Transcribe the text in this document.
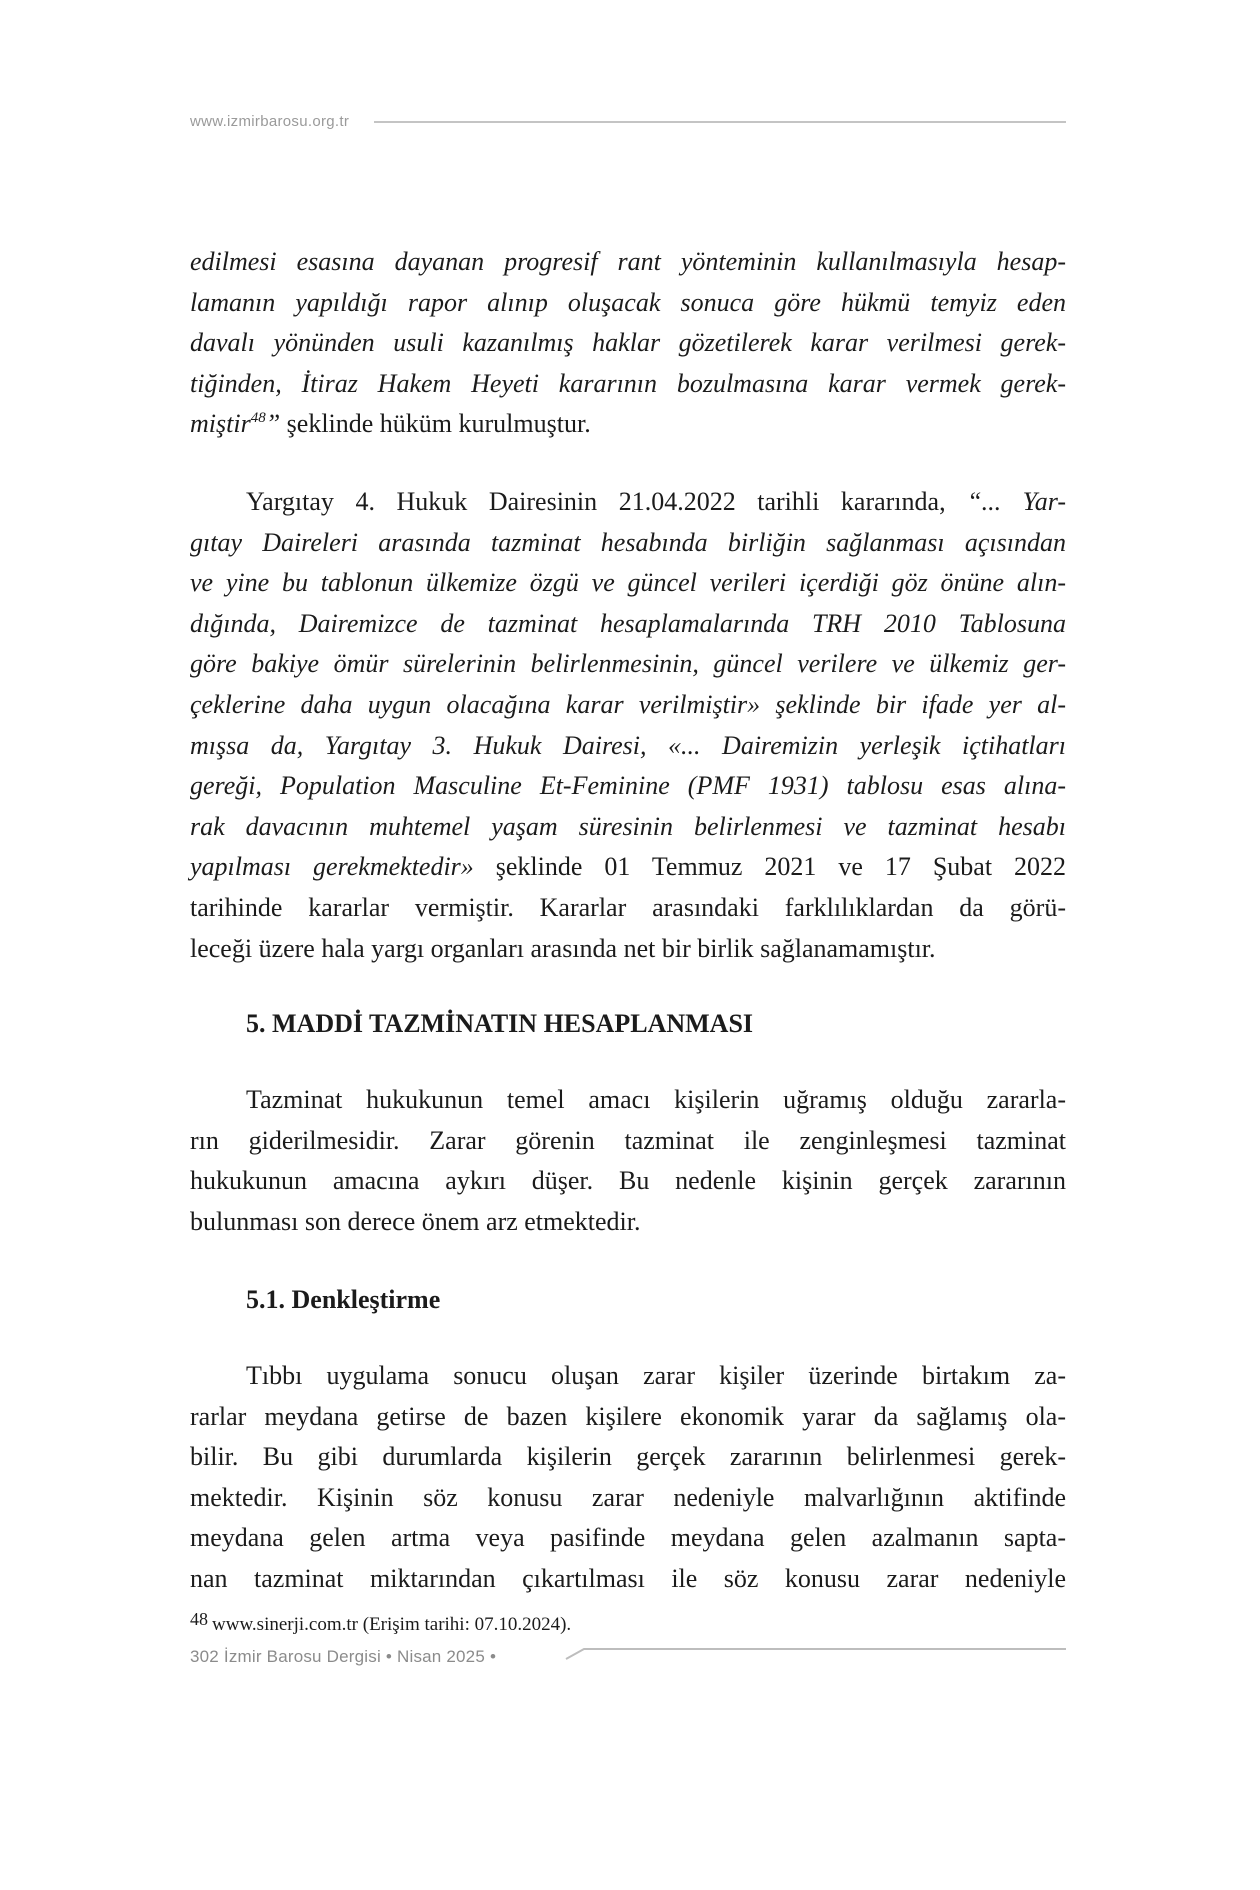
www.izmirbarosu.org.tr
edilmesi esasına dayanan progresif rant yönteminin kullanılmasıyla hesap-
lamanın yapıldığı rapor alınıp oluşacak sonuca göre hükmü temyiz eden
davalı yönünden usuli kazanılmış haklar gözetilerek karar verilmesi gerek-
tiğinden, İtiraz Hakem Heyeti kararının bozulmasına karar vermek gerek-
miştir$^{48}$” şeklinde hüküm kurulmuştur.
Yargıtay 4. Hukuk Dairesinin 21.04.2022 tarihli kararında, “... Yar-
gıtay Daireleri arasında tazminat hesabında birliğin sağlanması açısından
ve yine bu tablonun ülkemize özgü ve güncel verileri içerdiği göz önüne alın-
dığında, Dairemizce de tazminat hesaplamalarında TRH 2010 Tablosuna
göre bakiye ömür sürelerinin belirlenmesinin, güncel verilere ve ülkemiz ger-
çeklerine daha uygun olacağına karar verilmiştir» şeklinde bir ifade yer al-
mışsa da, Yargıtay 3. Hukuk Dairesi, «... Dairemizin yerleşik içtihatları
gereği, Population Masculine Et-Feminine (PMF 1931) tablosu esas alına-
rak davacının muhtemel yaşam süresinin belirlenmesi ve tazminat hesabı
yapılması gerekmektedir» şeklinde 01 Temmuz 2021 ve 17 Şubat 2022
tarihinde kararlar vermiştir. Kararlar arasındaki farklılıklardan da görü-
leceği üzere hala yargı organları arasında net bir birlik sağlanamamıştır.
5. MADDİ TAZMİNATIN HESAPLANMASI
Tazminat hukukunun temel amacı kişilerin uğramış olduğu zararla-
rın giderilmesidir. Zarar görenin tazminat ile zenginleşmesi tazminat
hukukunun amacına aykırı düşer. Bu nedenle kişinin gerçek zararının
bulunması son derece önem arz etmektedir.
5.1. Denkleştirme
Tıbbı uygulama sonucu oluşan zarar kişiler üzerinde birtakım za-
rarlar meydana getirse de bazen kişilere ekonomik yarar da sağlamış ola-
bilir. Bu gibi durumlarda kişilerin gerçek zararının belirlenmesi gerek-
mektedir. Kişinin söz konusu zarar nedeniyle malvarlığının aktifinde
meydana gelen artma veya pasifinde meydana gelen azalmanın sapta-
nan tazminat miktarından çıkartılması ile söz konusu zarar nedeniyle
48 www.sinerji.com.tr (Erişim tarihi: 07.10.2024).
302 İzmir Barosu Dergisi • Nisan 2025 •
